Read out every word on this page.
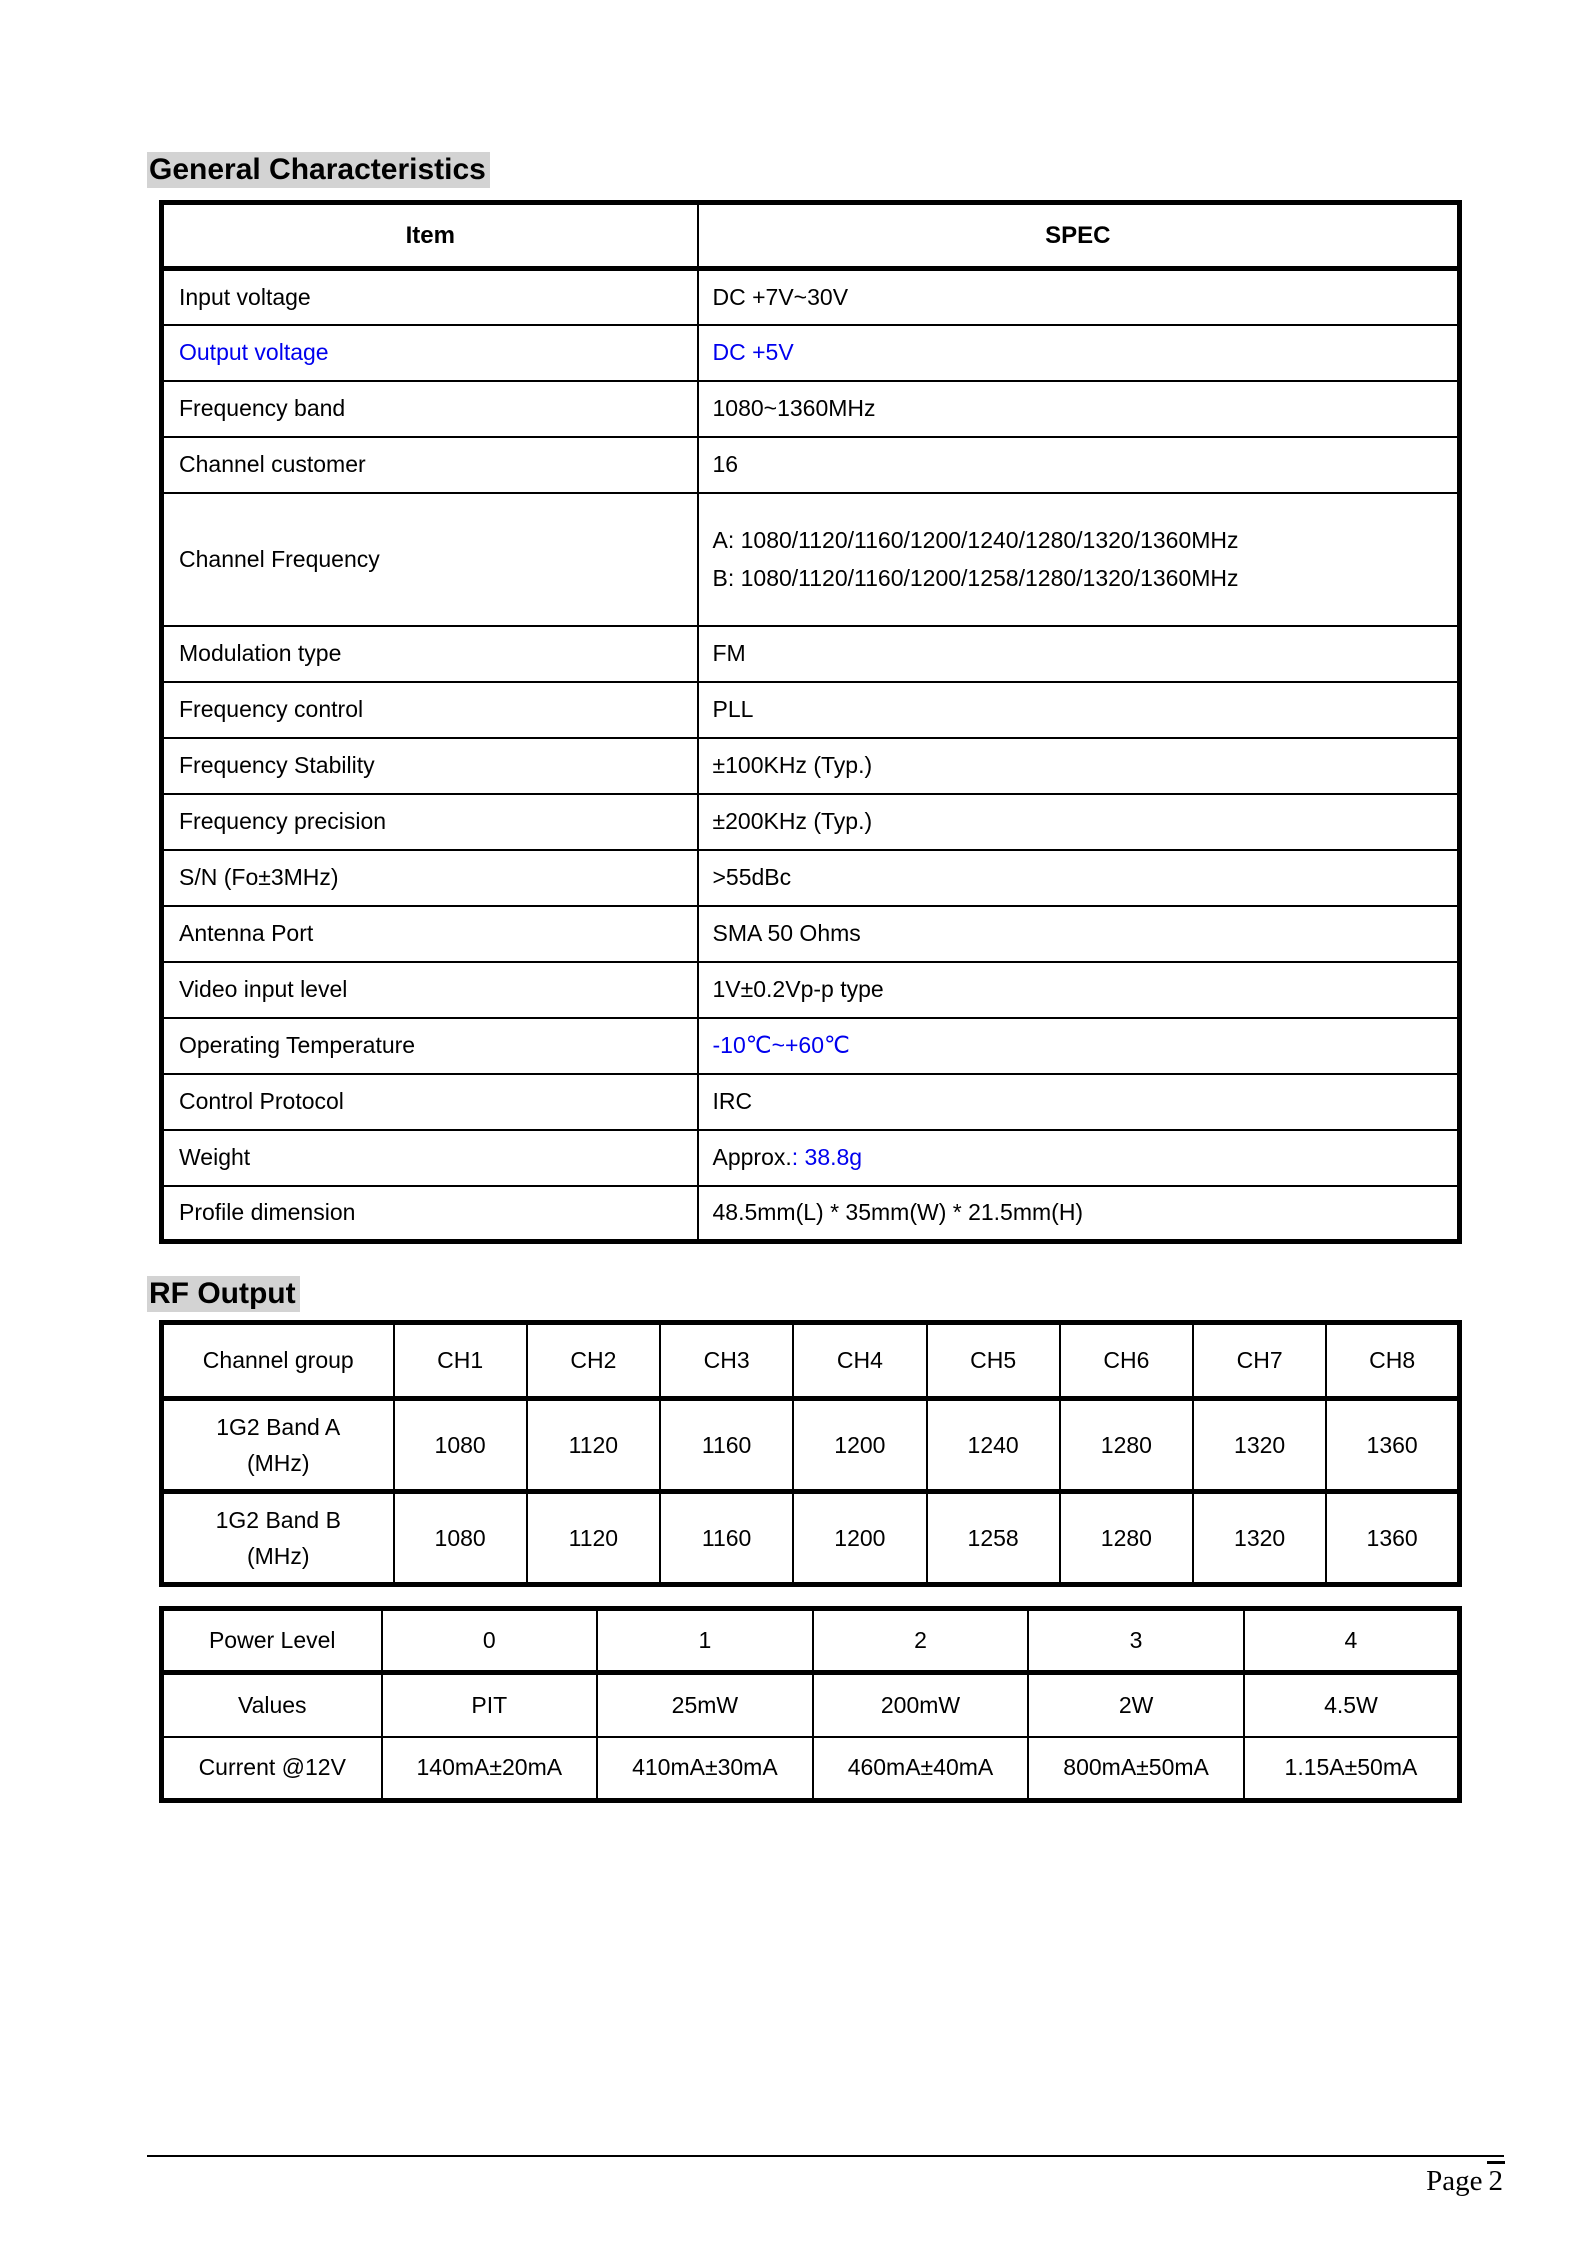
General Characteristics
Item	SPEC
Input voltage	DC +7V~30V

Output voltage	DC +5V

Frequency band	1080~1360MHz

Channel customer	16

Channel Frequency	A: 1080/1120/1160/1200/1240/1280/1320/1360MHz
B: 1080/1120/1160/1200/1258/1280/1320/1360MHz

Modulation type	FM

Frequency control	PLL

Frequency Stability	±100KHz (Typ.)

Frequency precision	±200KHz (Typ.)

S/N (Fo±3MHz)	>55dBc

Antenna Port	SMA 50 Ohms

Video input level	1V±0.2Vp-p type

Operating Temperature	-10℃~+60℃

Control Protocol	IRC

Weight	Approx.: 38.8g

Profile dimension	48.5mm(L) * 35mm(W) * 21.5mm(H)
RF Output
Channel group	CH1	CH2	CH3	CH4	CH5	CH6	CH7	CH8

1G2 Band A
(MHz)	1080	1120	1160	1200	1240	1280	1320	1360

1G2 Band B
(MHz)	1080	1120	1160	1200	1258	1280	1320	1360
Power Level	0	1	2	3	4
Values	PIT	25mW	200mW	2W	4.5W
Current @12V	140mA±20mA	410mA±30mA	460mA±40mA	800mA±50mA	1.15A±50mA
Page 2
